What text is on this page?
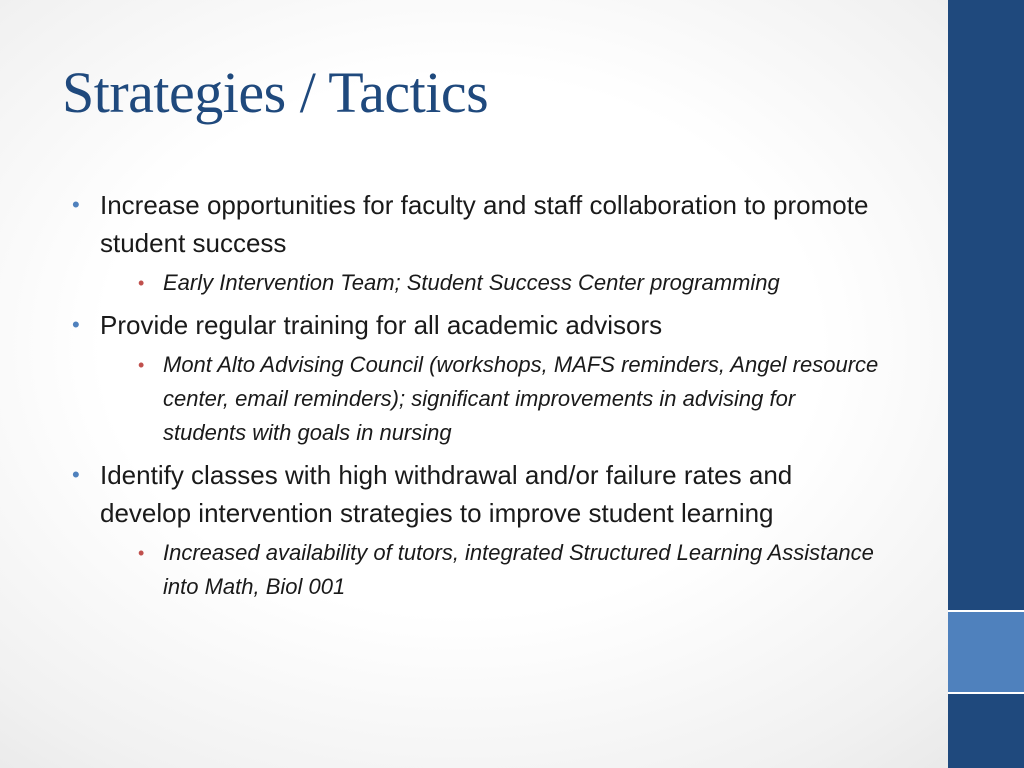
Strategies / Tactics
• Increase opportunities for faculty and staff collaboration to promote student success
• Early Intervention Team; Student Success Center programming
• Provide regular training for all academic advisors
• Mont Alto Advising Council (workshops, MAFS reminders, Angel resource center, email reminders); significant improvements in advising for students with goals in nursing
• Identify classes with high withdrawal and/or failure rates and develop intervention strategies to improve student learning
• Increased availability of tutors, integrated Structured Learning Assistance into Math, Biol 001
